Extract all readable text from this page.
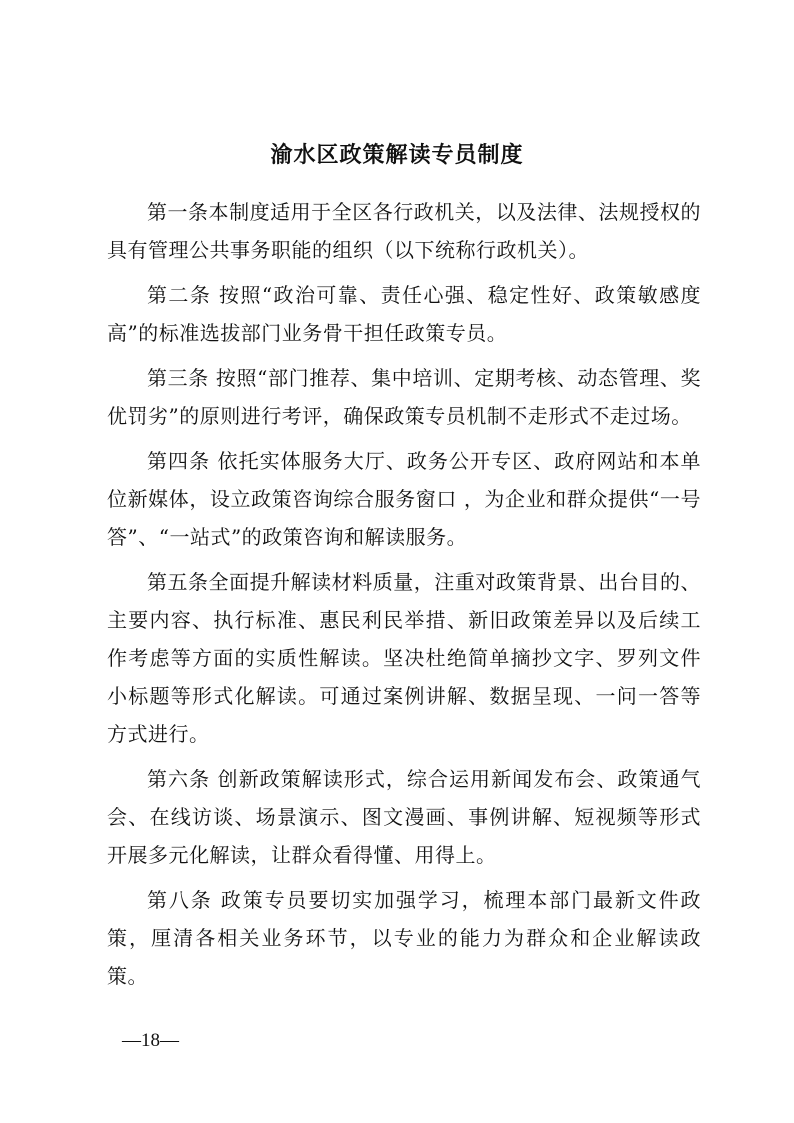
渝水区政策解读专员制度

第一条本制度适用于全区各行政机关，以及法律、法规授权的具有管理公共事务职能的组织（以下统称行政机关）。

第二条 按照“政治可靠、责任心强、稳定性好、政策敏感度高”的标准选拔部门业务骨干担任政策专员。

第三条 按照“部门推荐、集中培训、定期考核、动态管理、奖优罚劣”的原则进行考评，确保政策专员机制不走形式不走过场。

第四条 依托实体服务大厅、政务公开专区、政府网站和本单位新媒体，设立政策咨询综合服务窗口 ，为企业和群众提供“一号答”、“一站式”的政策咨询和解读服务。

第五条全面提升解读材料质量，注重对政策背景、出台目的、主要内容、执行标准、惠民利民举措、新旧政策差异以及后续工作考虑等方面的实质性解读。坚决杜绝简单摘抄文字、罗列文件小标题等形式化解读。可通过案例讲解、数据呈现、一问一答等方式进行。

第六条 创新政策解读形式，综合运用新闻发布会、政策通气会、在线访谈、场景演示、图文漫画、事例讲解、短视频等形式开展多元化解读，让群众看得懂、用得上。

第八条 政策专员要切实加强学习，梳理本部门最新文件政策，厘清各相关业务环节，以专业的能力为群众和企业解读政策。

—18—
